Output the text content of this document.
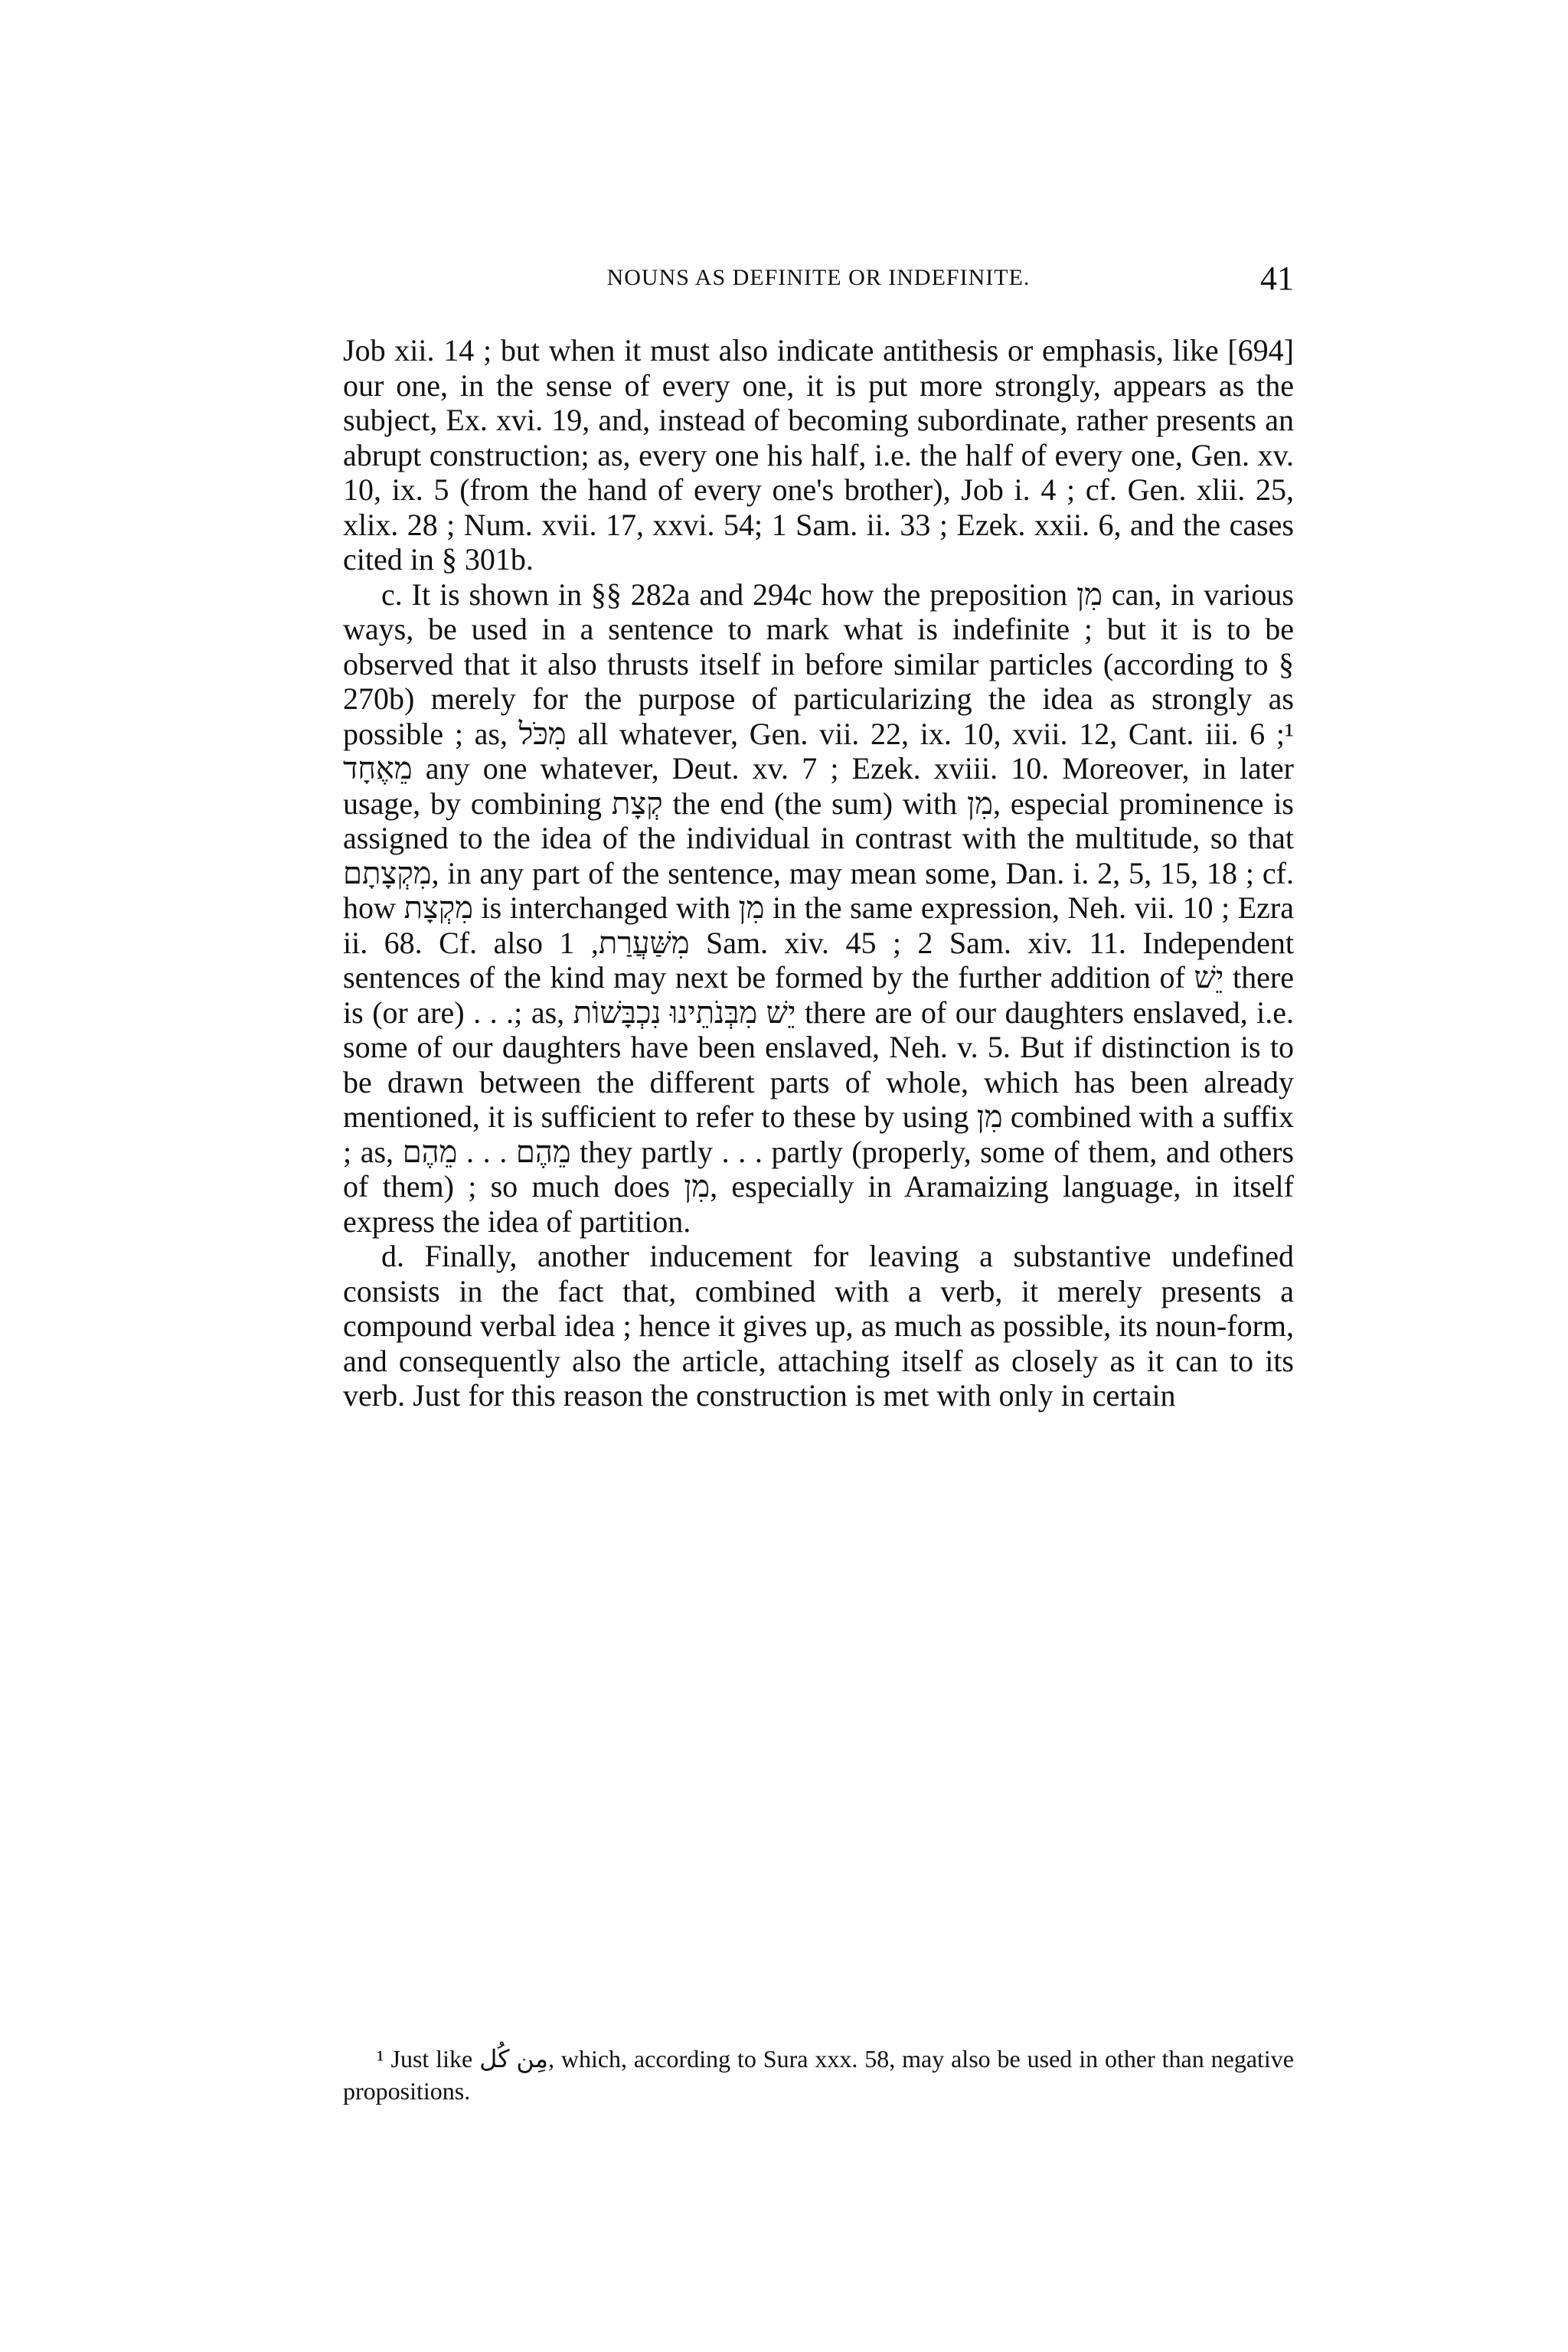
NOUNS AS DEFINITE OR INDEFINITE.	41

Job xii. 14 ; but when it must also indicate antithesis or emphasis, like [694] our one, in the sense of every one, it is put more strongly, appears as the subject, Ex. xvi. 19, and, instead of becoming subordinate, rather presents an abrupt construction; as, every one his half, i.e. the half of every one, Gen. xv. 10, ix. 5 (from the hand of every one's brother), Job i. 4 ; cf. Gen. xlii. 25, xlix. 28 ; Num. xvii. 17, xxvi. 54; 1 Sam. ii. 33 ; Ezek. xxii. 6, and the cases cited in § 301b.

c. It is shown in §§ 282a and 294c how the preposition מִן can, in various ways, be used in a sentence to mark what is indefinite ; but it is to be observed that it also thrusts itself in before similar particles (according to § 270b) merely for the purpose of particularizing the idea as strongly as possible ; as, מִכֹּל all whatever, Gen. vii. 22, ix. 10, xvii. 12, Cant. iii. 6 ;¹ מֵאֶחָד any one whatever, Deut. xv. 7 ; Ezek. xviii. 10. Moreover, in later usage, by combining קְצָת the end (the sum) with מִן, especial prominence is assigned to the idea of the individual in contrast with the multitude, so that מִקְצָתָם, in any part of the sentence, may mean some, Dan. i. 2, 5, 15, 18 ; cf. how מִקְצָת is interchanged with מִן in the same expression, Neh. vii. 10 ; Ezra ii. 68. Cf. also מִשַּׁעֲרַת, 1 Sam. xiv. 45 ; 2 Sam. xiv. 11. Independent sentences of the kind may next be formed by the further addition of יֵשׁ there is (or are) . . .; as, יֵשׁ מִבְּנֹתֵינוּ נִכְבָּשׁוֹת there are of our daughters enslaved, i.e. some of our daughters have been enslaved, Neh. v. 5. But if distinction is to be drawn between the different parts of whole, which has been already mentioned, it is sufficient to refer to these by using מִן combined with a suffix ; as, מֵהֶם . . . מֵהֶם they partly . . . partly (properly, some of them, and others of them) ; so much does מִן, especially in Aramaizing language, in itself express the idea of partition.

d. Finally, another inducement for leaving a substantive undefined consists in the fact that, combined with a verb, it merely presents a compound verbal idea ; hence it gives up, as much as possible, its noun-form, and consequently also the article, attaching itself as closely as it can to its verb. Just for this reason the construction is met with only in certain

¹ Just like مِن كُل, which, according to Sura xxx. 58, may also be used in other than negative propositions.
